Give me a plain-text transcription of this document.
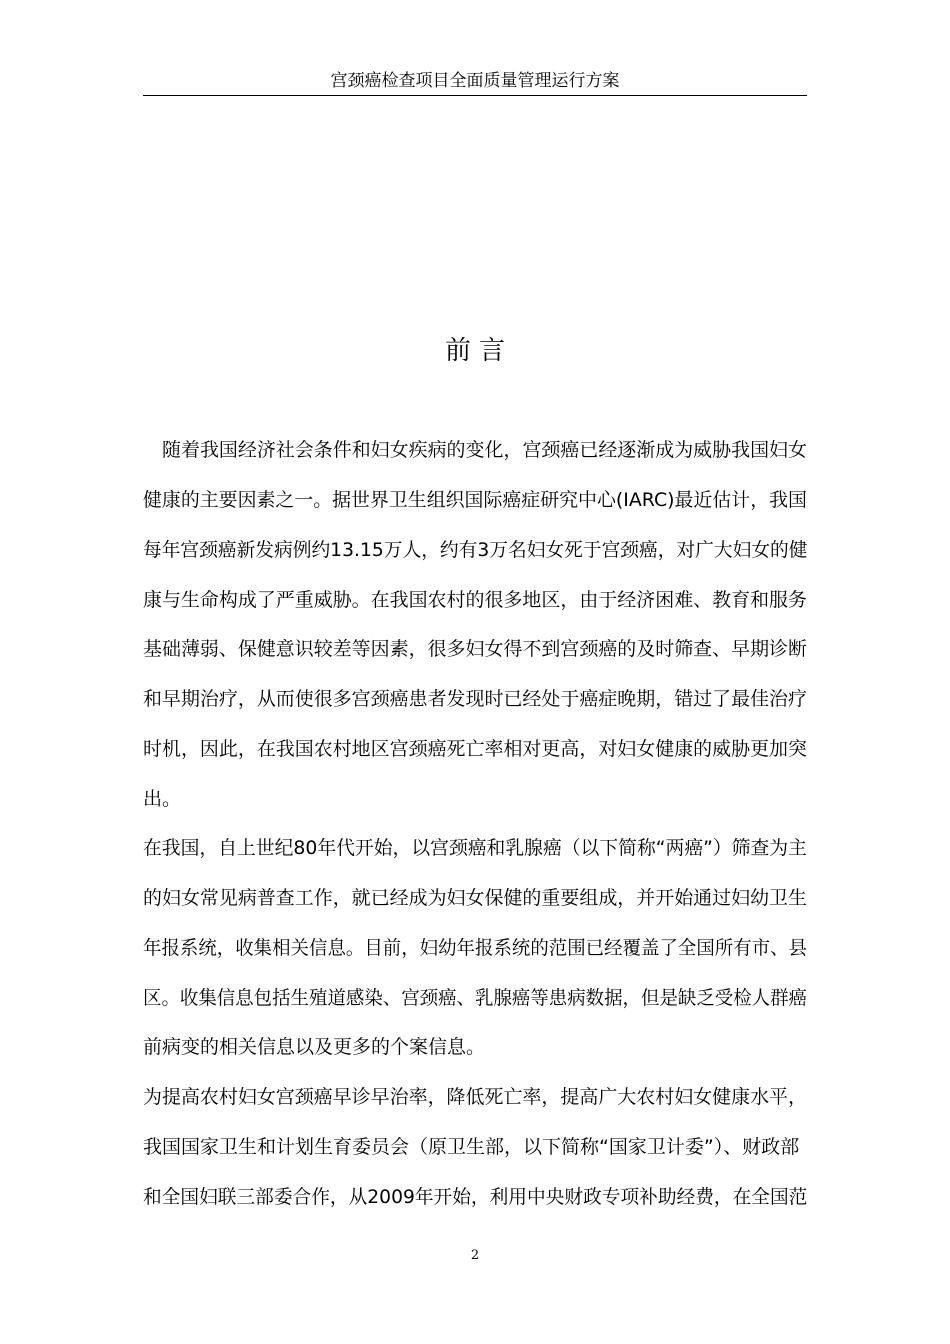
宫颈癌检查项目全面质量管理运行方案
前言
随着我国经济社会条件和妇女疾病的变化，宫颈癌已经逐渐成为威胁我国妇女
健康的主要因素之一。据世界卫生组织国际癌症研究中心(IARC)最近估计，我国
每年宫颈癌新发病例约13.15万人，约有3万名妇女死于宫颈癌，对广大妇女的健
康与生命构成了严重威胁。在我国农村的很多地区，由于经济困难、教育和服务
基础薄弱、保健意识较差等因素，很多妇女得不到宫颈癌的及时筛查、早期诊断
和早期治疗，从而使很多宫颈癌患者发现时已经处于癌症晚期，错过了最佳治疗
时机，因此，在我国农村地区宫颈癌死亡率相对更高，对妇女健康的威胁更加突
出。
在我国，自上世纪80年代开始，以宫颈癌和乳腺癌（以下简称“两癌”）筛查为主
的妇女常见病普查工作，就已经成为妇女保健的重要组成，并开始通过妇幼卫生
年报系统，收集相关信息。目前，妇幼年报系统的范围已经覆盖了全国所有市、县
区。收集信息包括生殖道感染、宫颈癌、乳腺癌等患病数据，但是缺乏受检人群癌
前病变的相关信息以及更多的个案信息。
为提高农村妇女宫颈癌早诊早治率，降低死亡率，提高广大农村妇女健康水平，
我国国家卫生和计划生育委员会（原卫生部，以下简称“国家卫计委”）、财政部
和全国妇联三部委合作，从2009年开始，利用中央财政专项补助经费，在全国范
2
